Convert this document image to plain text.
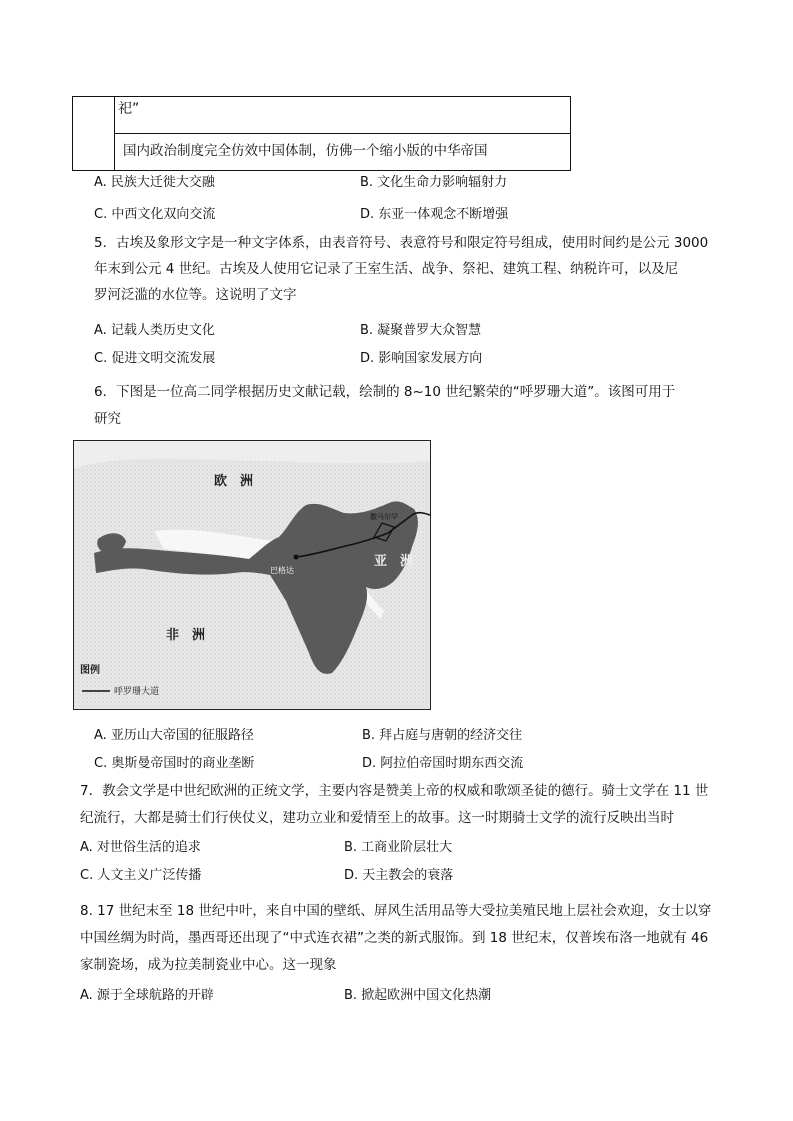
祀”
国内政治制度完全仿效中国体制，仿佛一个缩小版的中华帝国
A. 民族大迁徙大交融	B. 文化生命力影响辐射力
C. 中西文化双向交流	D. 东亚一体观念不断增强
5．古埃及象形文字是一种文字体系，由表音符号、表意符号和限定符号组成，使用时间约是公元 3000
年末到公元 4 世纪。古埃及人使用它记录了王室生活、战争、祭祀、建筑工程、纳税许可，以及尼
罗河泛滥的水位等。这说明了文字
A. 记载人类历史文化	B. 凝聚普罗大众智慧
C. 促进文明交流发展	D. 影响国家发展方向
6．下图是一位高二同学根据历史文献记载，绘制的 8~10 世纪繁荣的“呼罗珊大道”。该图可用于
研究
欧　洲
亚　洲
非　洲
巴格达
撒马尔罕
图例
呼罗珊大道
A. 亚历山大帝国的征服路径	B. 拜占庭与唐朝的经济交往
C. 奥斯曼帝国时的商业垄断	D. 阿拉伯帝国时期东西交流
7．教会文学是中世纪欧洲的正统文学，主要内容是赞美上帝的权威和歌颂圣徒的德行。骑士文学在 11 世
纪流行，大都是骑士们行侠仗义，建功立业和爱情至上的故事。这一时期骑士文学的流行反映出当时
A. 对世俗生活的追求	B. 工商业阶层壮大
C. 人文主义广泛传播	D. 天主教会的衰落
8. 17 世纪末至 18 世纪中叶，来自中国的壁纸、屏风生活用品等大受拉美殖民地上层社会欢迎，女士以穿
中国丝绸为时尚，墨西哥还出现了“中式连衣裙”之类的新式服饰。到 18 世纪末，仅普埃布洛一地就有 46
家制瓷场，成为拉美制瓷业中心。这一现象
A. 源于全球航路的开辟	B. 掀起欧洲中国文化热潮
